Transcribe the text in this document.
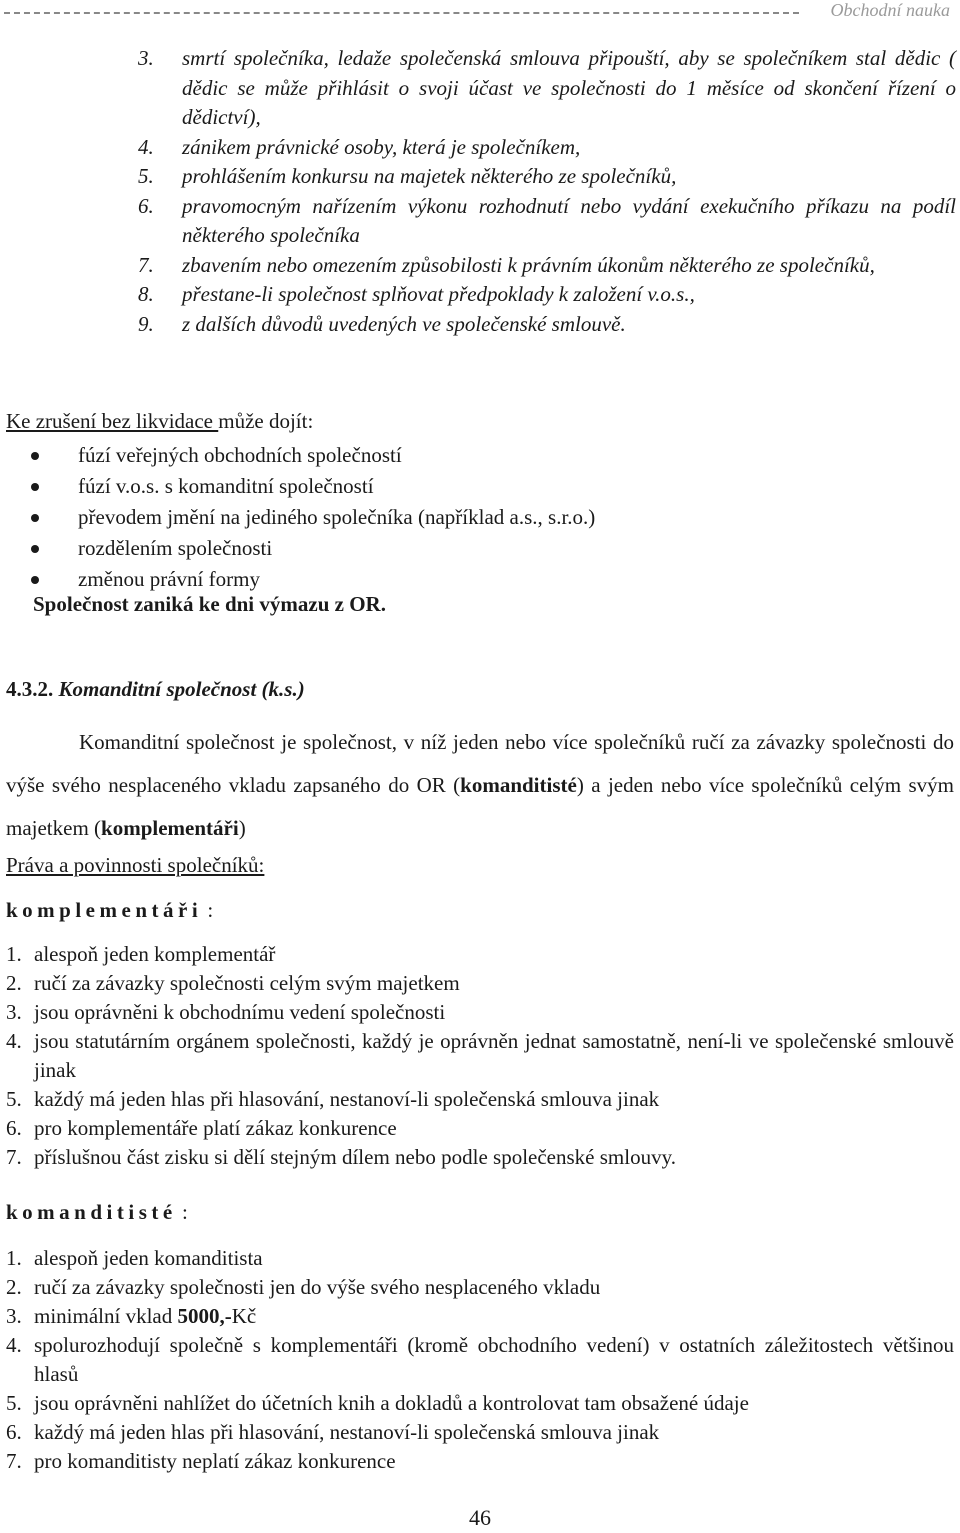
Obchodní nauka
3. smrtí společníka, ledaže společenská smlouva připouští, aby se společníkem stal dědic ( dědic se může přihlásit o svoji účast ve společnosti do 1 měsíce od skončení řízení o dědictví),
4. zánikem právnické osoby, která je společníkem,
5. prohlášením konkursu na majetek některého ze společníků,
6. pravomocným nařízením výkonu rozhodnutí nebo vydání exekučního příkazu na podíl některého společníka
7. zbavením nebo omezením způsobilosti k právním úkonům některého ze společníků,
8. přestane-li společnost splňovat předpoklady k založení v.o.s.,
9. z dalších důvodů uvedených ve společenské smlouvě.
Ke zrušení bez likvidace může dojít:
fúzí veřejných obchodních společností
fúzí v.o.s. s komanditní společností
převodem jmění na jediného společníka (například a.s., s.r.o.)
rozdělením společnosti
změnou právní formy
Společnost zaniká ke dni výmazu z OR.
4.3.2. Komanditní společnost (k.s.)

Komanditní společnost je společnost, v níž jeden nebo více společníků ručí za závazky společnosti do výše svého nesplaceného vkladu zapsaného do OR (komanditisté) a jeden nebo více společníků celým svým majetkem (komplementáři)

Práva a povinnosti společníků:
komplementáři :
1. alespoň jeden komplementář
2. ručí za závazky společnosti celým svým majetkem
3. jsou oprávněni k obchodnímu vedení společnosti
4. jsou statutárním orgánem společnosti, každý je oprávněn jednat samostatně, není-li ve společenské smlouvě jinak
5. každý má jeden hlas při hlasování, nestanoví-li společenská smlouva jinak
6. pro komplementáře platí zákaz konkurence
7. příslušnou část zisku si dělí stejným dílem nebo podle společenské smlouvy.
komanditisté :
1. alespoň jeden komanditista
2. ručí za závazky společnosti jen do výše svého nesplaceného vkladu
3. minimální vklad 5000,-Kč
4. spolurozhodují společně s komplementáři (kromě obchodního vedení) v ostatních záležitostech většinou hlasů
5. jsou oprávněni nahlížet do účetních knih a dokladů a kontrolovat tam obsažené údaje
6. každý má jeden hlas při hlasování, nestanoví-li společenská smlouva jinak
7. pro komanditisty neplatí zákaz konkurence
46
